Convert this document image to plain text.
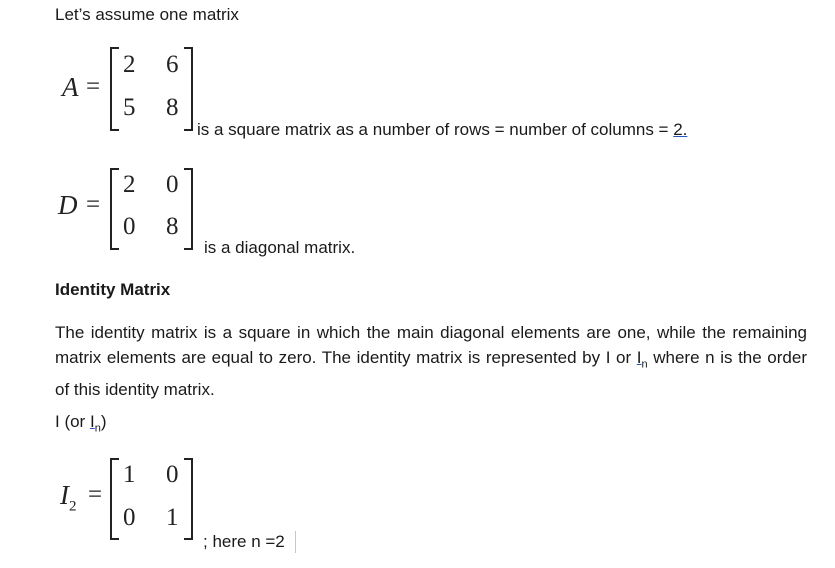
Let’s assume one matrix
A =
2 6
5 8
is a square matrix as a number of rows = number of columns = 2.
D =
2 0
0 8
is a diagonal matrix.
Identity Matrix
The identity matrix is a square in which the main diagonal elements are one, while the remaining matrix elements are equal to zero. The identity matrix is represented by I or $I_n$ where n is the order of this identity matrix.
I (or $I_n$)
$I_2$ =
1 0
0 1
; here n =2
